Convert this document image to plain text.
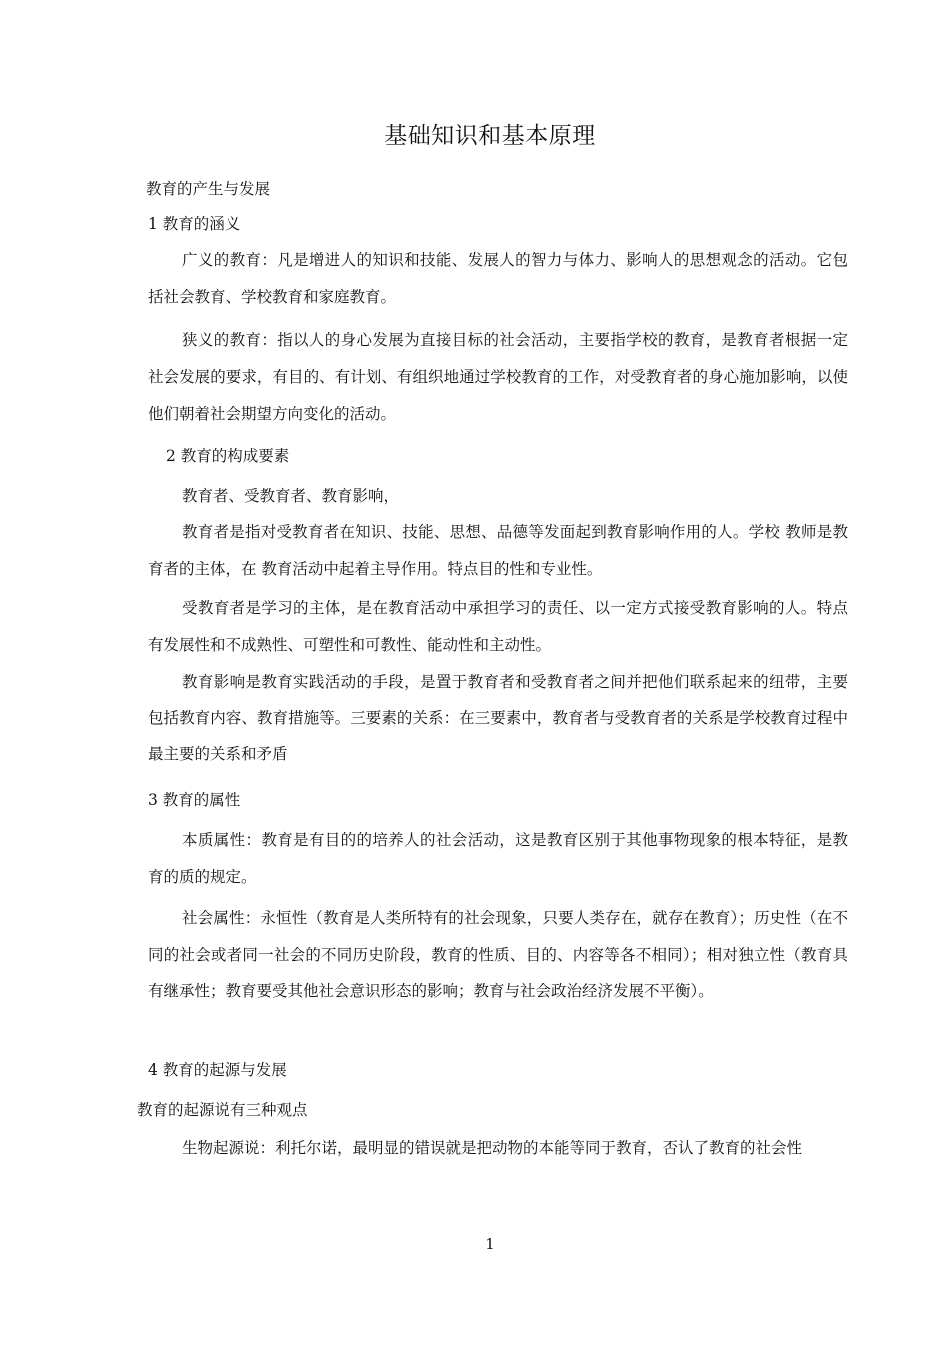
基础知识和基本原理

教育的产生与发展

1 教育的涵义

广义的教育：凡是增进人的知识和技能、发展人的智力与体力、影响人的思想观念的活动。它包括社会教育、学校教育和家庭教育。

狭义的教育：指以人的身心发展为直接目标的社会活动，主要指学校的教育，是教育者根据一定社会发展的要求，有目的、有计划、有组织地通过学校教育的工作，对受教育者的身心施加影响，以使他们朝着社会期望方向变化的活动。

2 教育的构成要素

教育者、受教育者、教育影响，

教育者是指对受教育者在知识、技能、思想、品德等发面起到教育影响作用的人。学校 教师是教育者的主体，在 教育活动中起着主导作用。特点目的性和专业性。

受教育者是学习的主体，是在教育活动中承担学习的责任、以一定方式接受教育影响的人。特点有发展性和不成熟性、可塑性和可教性、能动性和主动性。

教育影响是教育实践活动的手段，是置于教育者和受教育者之间并把他们联系起来的纽带，主要包括教育内容、教育措施等。三要素的关系：在三要素中，教育者与受教育者的关系是学校教育过程中最主要的关系和矛盾

3 教育的属性

本质属性：教育是有目的的培养人的社会活动，这是教育区别于其他事物现象的根本特征，是教育的质的规定。

社会属性：永恒性（教育是人类所特有的社会现象，只要人类存在，就存在教育）；历史性（在不同的社会或者同一社会的不同历史阶段，教育的性质、目的、内容等各不相同）；相对独立性（教育具有继承性；教育要受其他社会意识形态的影响；教育与社会政治经济发展不平衡）。

4 教育的起源与发展

教育的起源说有三种观点

生物起源说：利托尔诺，最明显的错误就是把动物的本能等同于教育，否认了教育的社会性

1
